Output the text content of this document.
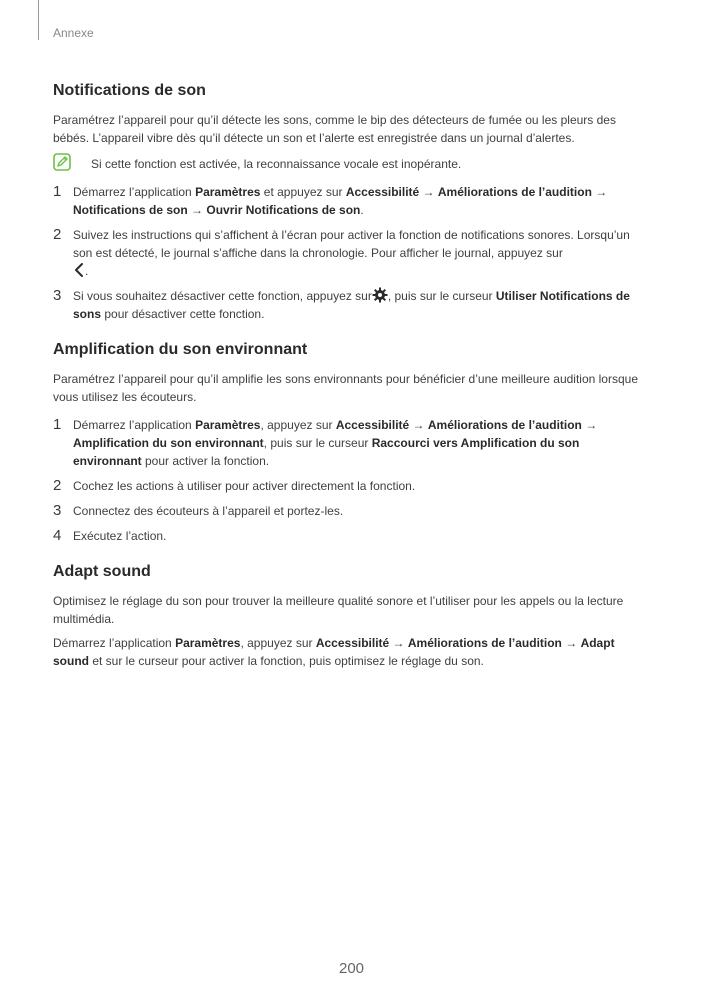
Annexe
Notifications de son

Paramétrez l’appareil pour qu’il détecte les sons, comme le bip des détecteurs de fumée ou les pleurs des bébés. L’appareil vibre dès qu’il détecte un son et l’alerte est enregistrée dans un journal d’alertes.

Si cette fonction est activée, la reconnaissance vocale est inopérante.

1 Démarrez l’application Paramètres et appuyez sur Accessibilité → Améliorations de l’audition → Notifications de son → Ouvrir Notifications de son.

2 Suivez les instructions qui s’affichent à l’écran pour activer la fonction de notifications sonores. Lorsqu’un son est détecté, le journal s’affiche dans la chronologie. Pour afficher le journal, appuyez sur
.

3 Si vous souhaitez désactiver cette fonction, appuyez sur , puis sur le curseur Utiliser Notifications de sons pour désactiver cette fonction.

Amplification du son environnant

Paramétrez l’appareil pour qu’il amplifie les sons environnants pour bénéficier d’une meilleure audition lorsque vous utilisez les écouteurs.

1 Démarrez l’application Paramètres, appuyez sur Accessibilité → Améliorations de l’audition → Amplification du son environnant, puis sur le curseur Raccourci vers Amplification du son environnant pour activer la fonction.

2 Cochez les actions à utiliser pour activer directement la fonction.

3 Connectez des écouteurs à l’appareil et portez-les.

4 Exécutez l’action.

Adapt sound

Optimisez le réglage du son pour trouver la meilleure qualité sonore et l’utiliser pour les appels ou la lecture multimédia.

Démarrez l’application Paramètres, appuyez sur Accessibilité → Améliorations de l’audition → Adapt sound et sur le curseur pour activer la fonction, puis optimisez le réglage du son.

200
